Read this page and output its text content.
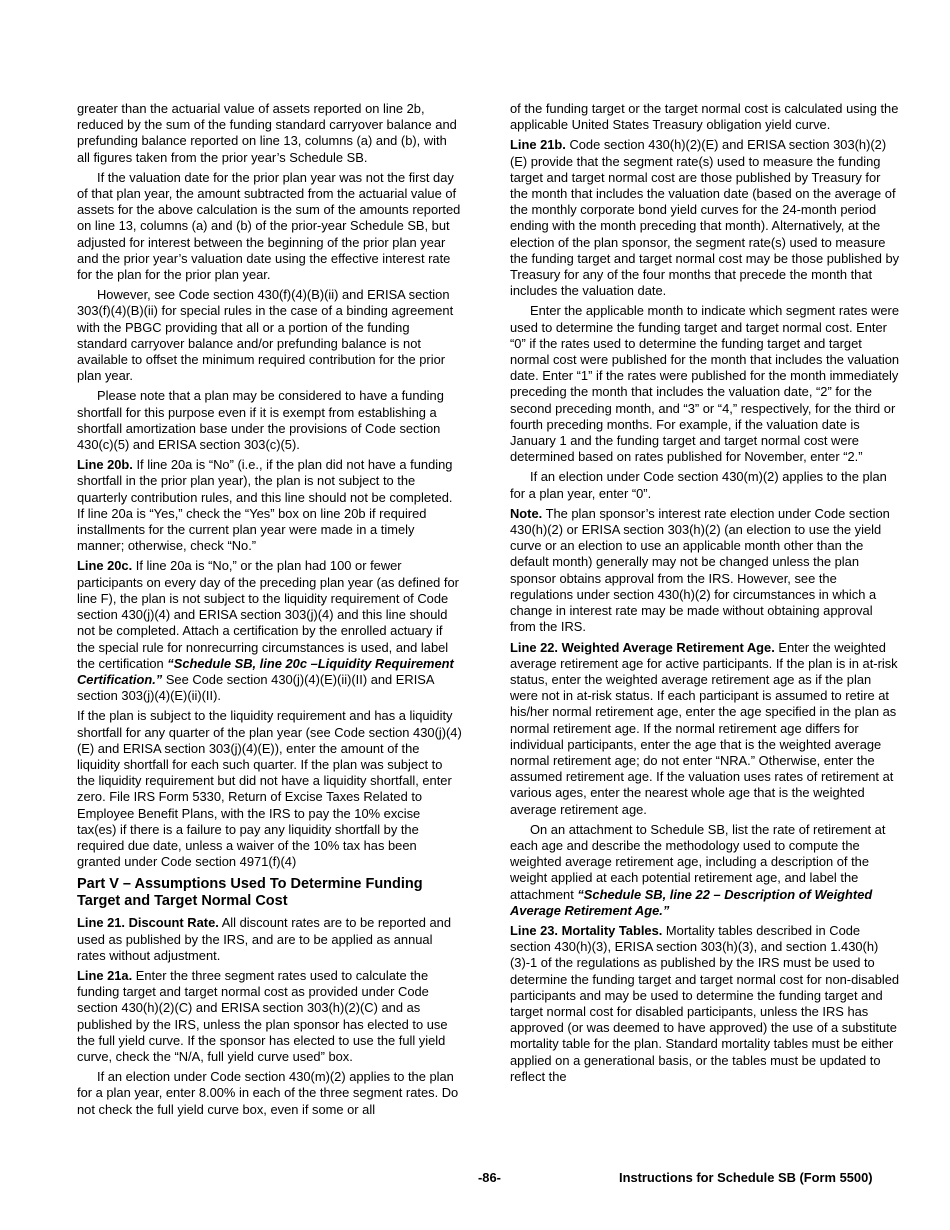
greater than the actuarial value of assets reported on line 2b, reduced by the sum of the funding standard carryover balance and prefunding balance reported on line 13, columns (a) and (b), with all figures taken from the prior year’s Schedule SB.

If the valuation date for the prior plan year was not the first day of that plan year, the amount subtracted from the actuarial value of assets for the above calculation is the sum of the amounts reported on line 13, columns (a) and (b) of the prior-year Schedule SB, but adjusted for interest between the beginning of the prior plan year and the prior year’s valuation date using the effective interest rate for the plan for the prior plan year.

However, see Code section 430(f)(4)(B)(ii) and ERISA section 303(f)(4)(B)(ii) for special rules in the case of a binding agreement with the PBGC providing that all or a portion of the funding standard carryover balance and/or prefunding balance is not available to offset the minimum required contribution for the prior plan year.

Please note that a plan may be considered to have a funding shortfall for this purpose even if it is exempt from establishing a shortfall amortization base under the provisions of Code section 430(c)(5) and ERISA section 303(c)(5).

Line 20b. If line 20a is “No” (i.e., if the plan did not have a funding shortfall in the prior plan year), the plan is not subject to the quarterly contribution rules, and this line should not be completed. If line 20a is “Yes,” check the “Yes” box on line 20b if required installments for the current plan year were made in a timely manner; otherwise, check “No.”

Line 20c. If line 20a is “No,” or the plan had 100 or fewer participants on every day of the preceding plan year (as defined for line F), the plan is not subject to the liquidity requirement of Code section 430(j)(4) and ERISA section 303(j)(4) and this line should not be completed. Attach a certification by the enrolled actuary if the special rule for nonrecurring circumstances is used, and label the certification “Schedule SB, line 20c –Liquidity Requirement Certification.” See Code section 430(j)(4)(E)(ii)(II) and ERISA section 303(j)(4)(E)(ii)(II).

If the plan is subject to the liquidity requirement and has a liquidity shortfall for any quarter of the plan year (see Code section 430(j)(4)(E) and ERISA section 303(j)(4)(E)), enter the amount of the liquidity shortfall for each such quarter. If the plan was subject to the liquidity requirement but did not have a liquidity shortfall, enter zero. File IRS Form 5330, Return of Excise Taxes Related to Employee Benefit Plans, with the IRS to pay the 10% excise tax(es) if there is a failure to pay any liquidity shortfall by the required due date, unless a waiver of the 10% tax has been granted under Code section 4971(f)(4)

Part V – Assumptions Used To Determine Funding Target and Target Normal Cost

Line 21. Discount Rate. All discount rates are to be reported and used as published by the IRS, and are to be applied as annual rates without adjustment.

Line 21a. Enter the three segment rates used to calculate the funding target and target normal cost as provided under Code section 430(h)(2)(C) and ERISA section 303(h)(2)(C) and as published by the IRS, unless the plan sponsor has elected to use the full yield curve. If the sponsor has elected to use the full yield curve, check the “N/A, full yield curve used” box.

If an election under Code section 430(m)(2) applies to the plan for a plan year, enter 8.00% in each of the three segment rates. Do not check the full yield curve box, even if some or all

of the funding target or the target normal cost is calculated using the applicable United States Treasury obligation yield curve.

Line 21b. Code section 430(h)(2)(E) and ERISA section 303(h)(2)(E) provide that the segment rate(s) used to measure the funding target and target normal cost are those published by Treasury for the month that includes the valuation date (based on the average of the monthly corporate bond yield curves for the 24-month period ending with the month preceding that month). Alternatively, at the election of the plan sponsor, the segment rate(s) used to measure the funding target and target normal cost may be those published by Treasury for any of the four months that precede the month that includes the valuation date.

Enter the applicable month to indicate which segment rates were used to determine the funding target and target normal cost. Enter “0” if the rates used to determine the funding target and target normal cost were published for the month that includes the valuation date. Enter “1” if the rates were published for the month immediately preceding the month that includes the valuation date, “2” for the second preceding month, and “3” or “4,” respectively, for the third or fourth preceding months. For example, if the valuation date is January 1 and the funding target and target normal cost were determined based on rates published for November, enter “2.”

If an election under Code section 430(m)(2) applies to the plan for a plan year, enter “0”.

Note. The plan sponsor’s interest rate election under Code section 430(h)(2) or ERISA section 303(h)(2) (an election to use the yield curve or an election to use an applicable month other than the default month) generally may not be changed unless the plan sponsor obtains approval from the IRS. However, see the regulations under section 430(h)(2) for circumstances in which a change in interest rate may be made without obtaining approval from the IRS.

Line 22. Weighted Average Retirement Age. Enter the weighted average retirement age for active participants. If the plan is in at-risk status, enter the weighted average retirement age as if the plan were not in at-risk status. If each participant is assumed to retire at his/her normal retirement age, enter the age specified in the plan as normal retirement age. If the normal retirement age differs for individual participants, enter the age that is the weighted average normal retirement age; do not enter “NRA.” Otherwise, enter the assumed retirement age. If the valuation uses rates of retirement at various ages, enter the nearest whole age that is the weighted average retirement age.

On an attachment to Schedule SB, list the rate of retirement at each age and describe the methodology used to compute the weighted average retirement age, including a description of the weight applied at each potential retirement age, and label the attachment “Schedule SB, line 22 – Description of Weighted Average Retirement Age.”

Line 23. Mortality Tables. Mortality tables described in Code section 430(h)(3), ERISA section 303(h)(3), and section 1.430(h)(3)-1 of the regulations as published by the IRS must be used to determine the funding target and target normal cost for non-disabled participants and may be used to determine the funding target and target normal cost for disabled participants, unless the IRS has approved (or was deemed to have approved) the use of a substitute mortality table for the plan. Standard mortality tables must be either applied on a generational basis, or the tables must be updated to reflect the

-86-	Instructions for Schedule SB (Form 5500)
